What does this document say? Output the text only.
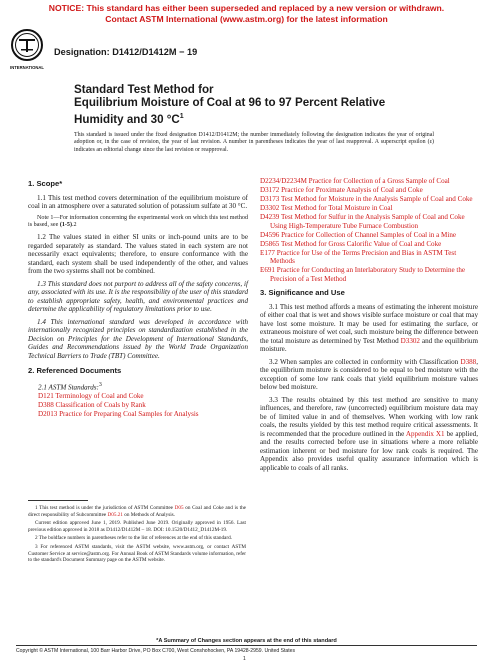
NOTICE: This standard has either been superseded and replaced by a new version or withdrawn.
Contact ASTM International (www.astm.org) for the latest information
INTERNATIONAL
Designation: D1412/D1412M − 19
Standard Test Method for
Equilibrium Moisture of Coal at 96 to 97 Percent Relative
Humidity and 30 $^\circ C^1$
This standard is issued under the fixed designation D1412/D1412M; the number immediately following the designation indicates the year of original adoption or, in the case of revision, the year of last revision. A number in parentheses indicates the year of last reapproval. A superscript epsilon (ε) indicates an editorial change since the last revision or reapproval.
1. Scope*

1.1 This test method covers determination of the equilibrium moisture of coal in an atmosphere over a saturated solution of potassium sulfate at 30 °C.

Note 1—For information concerning the experimental work on which this test method is based, see (1-5).2

1.2 The values stated in either SI units or inch-pound units are to be regarded separately as standard. The values stated in each system are not necessarily exact equivalents; therefore, to ensure conformance with the standard, each system shall be used independently of the other, and values from the two systems shall not be combined.

1.3 This standard does not purport to address all of the safety concerns, if any, associated with its use. It is the responsibility of the user of this standard to establish appropriate safety, health, and environmental practices and determine the applicability of regulatory limitations prior to use.

1.4 This international standard was developed in accordance with internationally recognized principles on standardization established in the Decision on Principles for the Development of International Standards, Guides and Recommendations issued by the World Trade Organization Technical Barriers to Trade (TBT) Committee.

2. Referenced Documents
2.1 ASTM Standards:$^3$
D121 Terminology of Coal and Coke
D388 Classification of Coals by Rank
D2013 Practice for Preparing Coal Samples for Analysis
D2234/D2234M Practice for Collection of a Gross Sample of Coal
D3172 Practice for Proximate Analysis of Coal and Coke
D3173 Test Method for Moisture in the Analysis Sample of Coal and Coke
D3302 Test Method for Total Moisture in Coal
D4239 Test Method for Sulfur in the Analysis Sample of Coal and Coke Using High-Temperature Tube Furnace Combustion
D4596 Practice for Collection of Channel Samples of Coal in a Mine
D5865 Test Method for Gross Calorific Value of Coal and Coke
E177 Practice for Use of the Terms Precision and Bias in ASTM Test Methods
E691 Practice for Conducting an Interlaboratory Study to Determine the Precision of a Test Method
3. Significance and Use

3.1 This test method affords a means of estimating the inherent moisture of either coal that is wet and shows visible surface moisture or coal that may have lost some moisture. It may be used for estimating the surface, or extraneous moisture of wet coal, such moisture being the difference between the total moisture as determined by Test Method D3302 and the equilibrium moisture.

3.2 When samples are collected in conformity with Classification D388, the equilibrium moisture is considered to be equal to bed moisture with the exception of some low rank coals that yield equilibrium moisture values below bed moisture.

3.3 The results obtained by this test method are sensitive to many influences, and therefore, raw (uncorrected) equilibrium moisture data may be of limited value in and of themselves. When working with low rank coals, the results yielded by this test method require critical assessments. It is recommended that the procedure outlined in the Appendix X1 be applied, and the results corrected before use in situations where a more reliable estimation inherent or bed moisture for low rank coals is required. The Appendix also provides useful quality assurance information which is applicable to coals of all ranks.

1 This test method is under the jurisdiction of ASTM Committee D05 on Coal and Coke and is the direct responsibility of Subcommittee D05.21 on Methods of Analysis.

Current edition approved June 1, 2019. Published June 2019. Originally approved in 1956. Last previous edition approved in 2018 as D1412/D1412M – 18. DOI: 10.1520/D1412_D1412M-19.

2 The boldface numbers in parentheses refer to the list of references at the end of this standard.

3 For referenced ASTM standards, visit the ASTM website, www.astm.org, or contact ASTM Customer Service at service@astm.org. For Annual Book of ASTM Standards volume information, refer to the standard's Document Summary page on the ASTM website.

*A Summary of Changes section appears at the end of this standard
Copyright © ASTM International, 100 Barr Harbor Drive, PO Box C700, West Conshohocken, PA 19428-2959. United States
1
